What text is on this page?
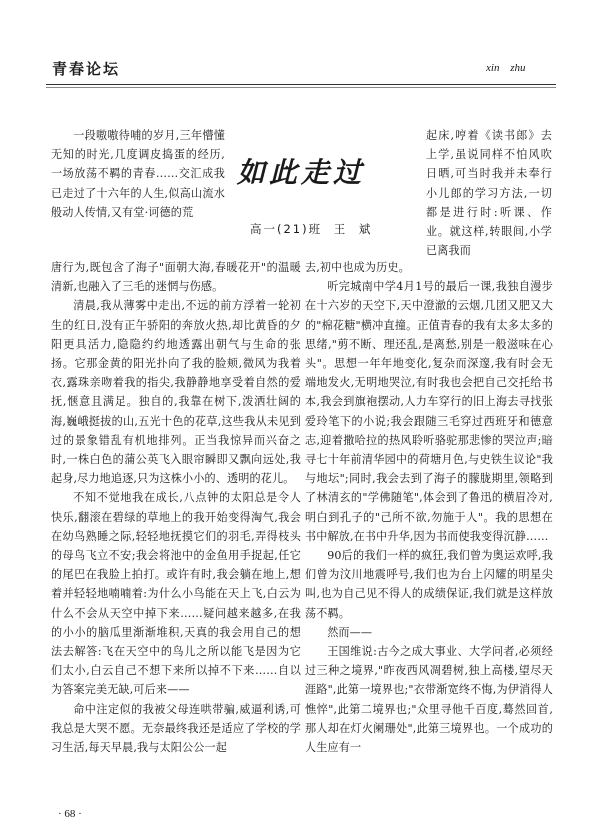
青春论坛	xin zhu
如此走过
高一(21)班 王 斌

一段嗷嗷待哺的岁月,三年懵懂无知的时光,几度调皮捣蛋的经历,一场放荡不羁的青春……交汇成我已走过了十六年的人生,似高山流水般动人传情,又有堂·诃德的荒

唐行为,既包含了海子"面朝大海,春暖花开"的温暖清新,也融入了三毛的迷惘与伤感。

清晨,我从薄雾中走出,不远的前方浮着一轮初生的红日,没有正午骄阳的奔放火热,却比黄昏的夕阳更具活力,隐隐约约地透露出朝气与生命的张扬。它那金黄的阳光扑向了我的脸颊,微风为我着衣,露珠亲吻着我的指尖,我静静地享受着自然的爱抚,惬意且满足。独自的,我靠在树下,泼洒壮阔的海,巍峨挺拔的山,五光十色的花草,这些我从未见到过的景象错乱有机地排列。正当我惊异而兴奋之时,一株白色的蒲公英飞入眼帘瞬即又飘向远处,我起身,尽力地追逐,只为这株小小的、透明的花儿。

不知不觉地我在成长,八点钟的太阳总是令人快乐,翻滚在碧绿的草地上的我开始变得淘气,我会在幼鸟熟睡之际,轻轻地抚摸它们的羽毛,弄得枝头的母鸟飞立不安;我会将池中的金鱼用手捉起,任它的尾巴在我脸上拍打。或许有时,我会躺在地上,想着并轻轻地喃喃着:为什么小鸟能在天上飞,白云为什么不会从天空中掉下来……疑问越来越多,在我的小小的脑瓜里渐渐堆积,天真的我会用自己的想法去解答:飞在天空中的鸟儿之所以能飞是因为它们太小,白云自己不想下来所以掉不下来……自以为答案完美无缺,可后来——

命中注定似的我被父母连哄带骗,威逼利诱,可我总是大哭不愿。无奈最终我还是适应了学校的学习生活,每天早晨,我与太阳公公一起

起床,哼着《读书郎》去上学,虽说同样不怕风吹日晒,可当时我并未奉行小儿郎的学习方法,一切都是进行时:听课、作业。就这样,转眼间,小学已离我而

去,初中也成为历史。

听完城南中学4月1号的最后一课,我独自漫步在十六岁的天空下,天中澄澈的云烟,几团又肥又大的"棉花糖"横冲直撞。正值青春的我有太多太多的思绪,"剪不断、理还乱,是离愁,别是一般滋味在心头"。思想一年年地变化,复杂而深邃,我有时会无端地发火,无明地哭泣,有时我也会把自己交托给书本,我会到旗袍摆动,人力车穿行的旧上海去寻找张爱玲笔下的小说;我会跟随三毛穿过西班牙和德意志,迎着撒哈拉的热风聆听骆驼那悲惨的哭泣声;暗寻七十年前清华园中的荷塘月色,与史铁生议论"我与地坛";同时,我会去到了海子的朦胧期里,领略到了林清玄的"学佛随笔",体会到了鲁迅的横眉冷对,明白到孔子的"己所不欲,勿施于人"。我的思想在书中解放,在书中升华,因为书而使我变得沉静……

90后的我们一样的疯狂,我们曾为奥运欢呼,我们曾为汶川地震呼号,我们也为台上闪耀的明星尖叫,也为自己见不得人的成绩保证,我们就是这样放荡不羁。

然而——

王国维说:古今之成大事业、大学问者,必须经过三种之境界,"昨夜西风凋碧树,独上高楼,望尽天涯路",此第一境界也;"衣带渐宽终不悔,为伊消得人憔悴",此第二境界也;"众里寻他千百度,蓦然回首,那人却在灯火阑珊处",此第三境界也。一个成功的人生应有一

· 68 ·
